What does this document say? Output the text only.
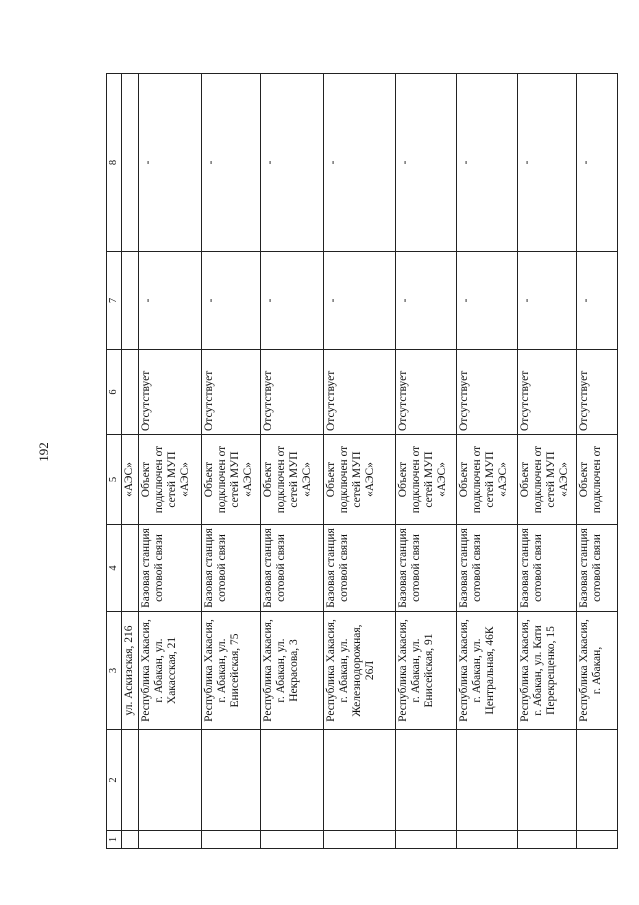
192
1	2	3	4	5	6	7	8
		ул. Аскизская, 216		«АЭС»			
		Республика Хакасия, г. Абакан, ул. Хакасская, 21	Базовая станция сотовой связи	Объект подключен от сетей МУП «АЭС»	Отсутствует	-	-
		Республика Хакасия, г. Абакан, ул. Енисейская, 75	Базовая станция сотовой связи	Объект подключен от сетей МУП «АЭС»	Отсутствует	-	-
		Республика Хакасия, г. Абакан, ул. Некрасова, 3	Базовая станция сотовой связи	Объект подключен от сетей МУП «АЭС»	Отсутствует	-	-
		Республика Хакасия, г. Абакан, ул. Железнодорожная, 26Л	Базовая станция сотовой связи	Объект подключен от сетей МУП «АЭС»	Отсутствует	-	-
		Республика Хакасия, г. Абакан, ул. Енисейская, 91	Базовая станция сотовой связи	Объект подключен от сетей МУП «АЭС»	Отсутствует	-	-
		Республика Хакасия, г. Абакан, ул. Центральная, 46К	Базовая станция сотовой связи	Объект подключен от сетей МУП «АЭС»	Отсутствует	-	-
		Республика Хакасия, г. Абакан, ул. Кати Перекрещенко, 15	Базовая станция сотовой связи	Объект подключен от сетей МУП «АЭС»	Отсутствует	-	-
		Республика Хакасия, г. Абакан,	Базовая станция сотовой связи	Объект подключен от	Отсутствует	-	-
